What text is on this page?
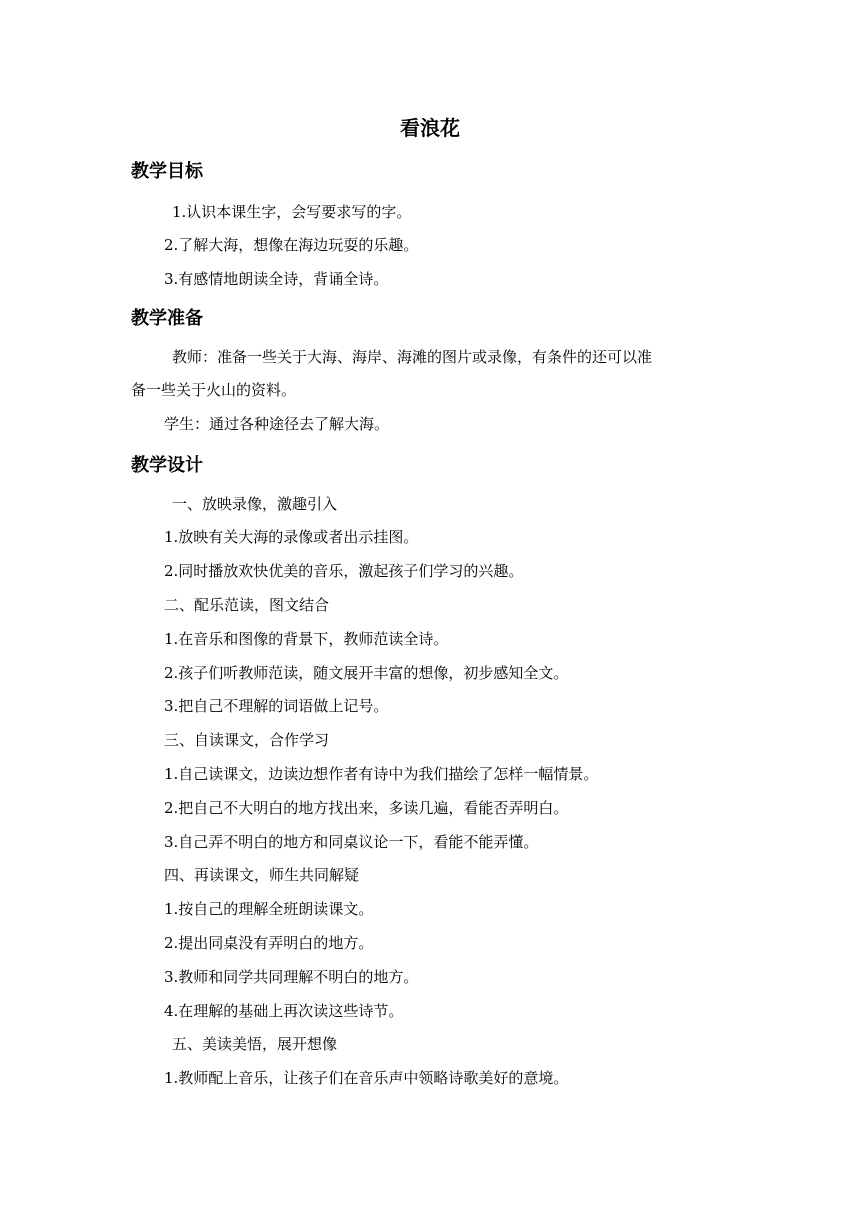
看浪花
教学目标
1.认识本课生字，会写要求写的字。
2.了解大海，想像在海边玩耍的乐趣。
3.有感情地朗读全诗，背诵全诗。
教学准备
教师：准备一些关于大海、海岸、海滩的图片或录像，有条件的还可以准
备一些关于火山的资料。
学生：通过各种途径去了解大海。
教学设计
一、放映录像，激趣引入
1.放映有关大海的录像或者出示挂图。
2.同时播放欢快优美的音乐，激起孩子们学习的兴趣。
二、配乐范读，图文结合
1.在音乐和图像的背景下，教师范读全诗。
2.孩子们听教师范读，随文展开丰富的想像，初步感知全文。
3.把自己不理解的词语做上记号。
三、自读课文，合作学习
1.自己读课文，边读边想作者有诗中为我们描绘了怎样一幅情景。
2.把自己不大明白的地方找出来，多读几遍，看能否弄明白。
3.自己弄不明白的地方和同桌议论一下，看能不能弄懂。
四、再读课文，师生共同解疑
1.按自己的理解全班朗读课文。
2.提出同桌没有弄明白的地方。
3.教师和同学共同理解不明白的地方。
4.在理解的基础上再次读这些诗节。
五、美读美悟，展开想像
1.教师配上音乐，让孩子们在音乐声中领略诗歌美好的意境。
